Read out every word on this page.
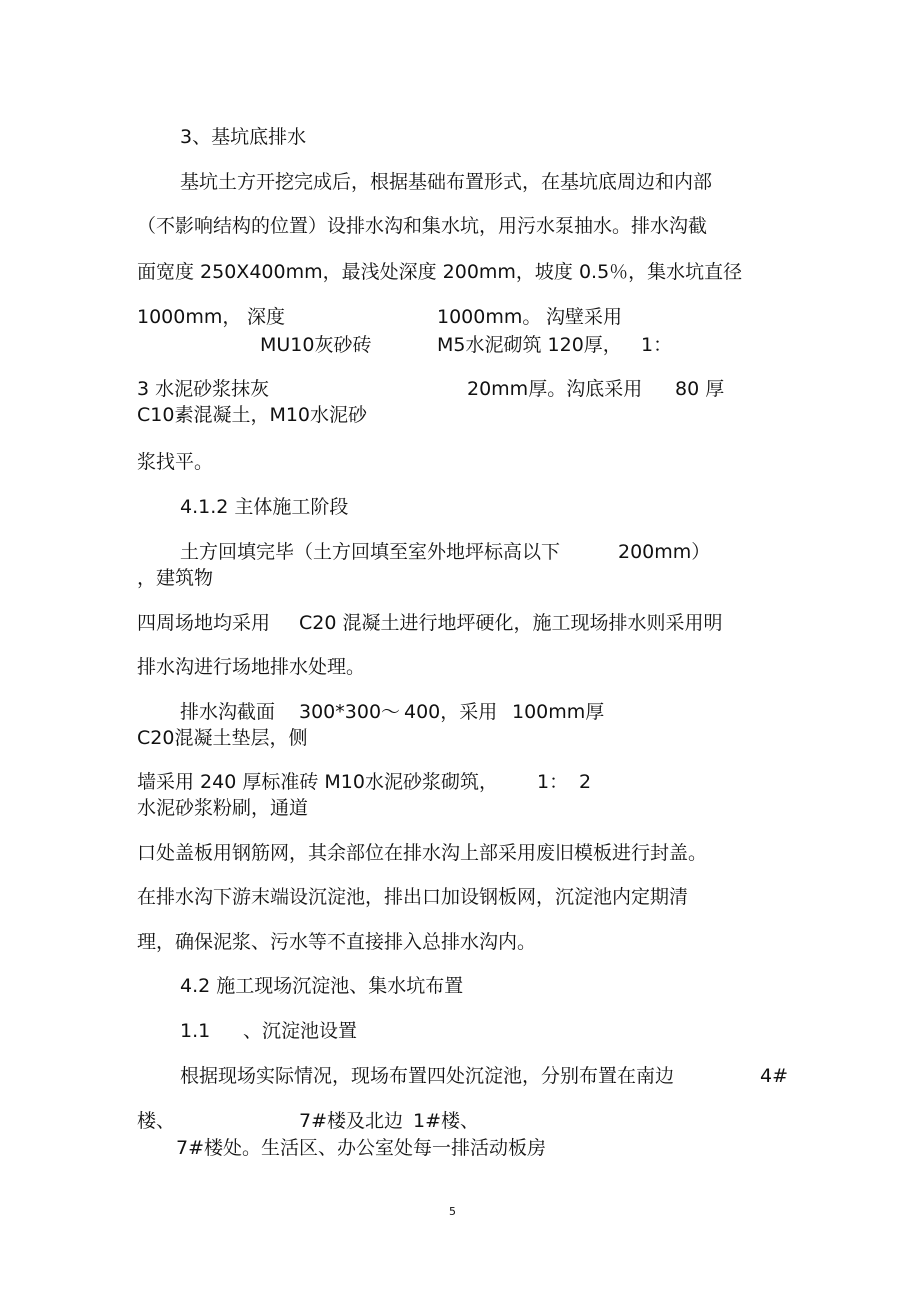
3、基坑底排水
基坑土方开挖完成后，根据基础布置形式，在基坑底周边和内部
（不影响结构的位置）设排水沟和集水坑，用污水泵抽水。排水沟截
面宽度 250X400mm，最浅处深度 200mm，坡度 0.5％，集水坑直径
1000mm， 深度	1000mm。 沟壁采用
MU10灰砂砖	M5水泥砌筑 120厚， 1：
3 水泥砂浆抹灰	20mm厚。沟底采用 80 厚
C10素混凝土，M10水泥砂
浆找平。
4.1.2 主体施工阶段
土方回填完毕（土方回填至室外地坪标高以下	200mm）
，建筑物
四周场地均采用 C20 混凝土进行地坪硬化，施工现场排水则采用明
排水沟进行场地排水处理。
排水沟截面 300*300～ 400，采用 100mm厚
C20混凝土垫层，侧
墙采用 240 厚标准砖 M10水泥砂浆砌筑， 1： 2
水泥砂浆粉刷，通道
口处盖板用钢筋网，其余部位在排水沟上部采用废旧模板进行封盖。
在排水沟下游末端设沉淀池，排出口加设钢板网，沉淀池内定期清
理，确保泥浆、污水等不直接排入总排水沟内。
4.2 施工现场沉淀池、集水坑布置
1.1 、沉淀池设置
根据现场实际情况，现场布置四处沉淀池，分别布置在南边	4#
楼、	7#楼及北边 1#楼、
7#楼处。生活区、办公室处每一排活动板房
5
